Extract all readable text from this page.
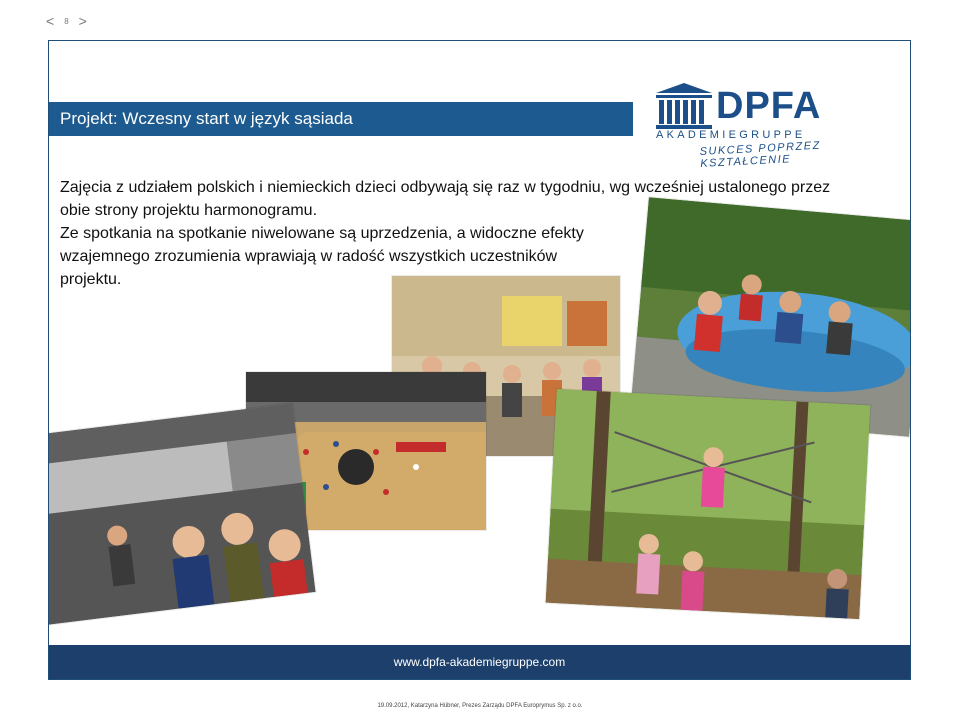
< 8 >
Projekt: Wczesny start w język sąsiada	DPFA
AKADEMIEGRUPPE
SUKCES POPRZEZ KSZTAŁCENIE

Zajęcia z udziałem polskich i niemieckich dzieci odbywają się raz w tygodniu, wg wcześniej ustalonego przez obie strony projektu harmonogramu.

Ze spotkania na spotkanie niwelowane są uprzedzenia, a widoczne efekty wzajemnego zrozumienia wprawiają w radość wszystkich uczestników projektu.

www.dpfa-akademiegruppe.com
19.09.2012, Katarzyna Hübner, Prezes Zarządu DPFA Europrymus Sp. z o.o.
